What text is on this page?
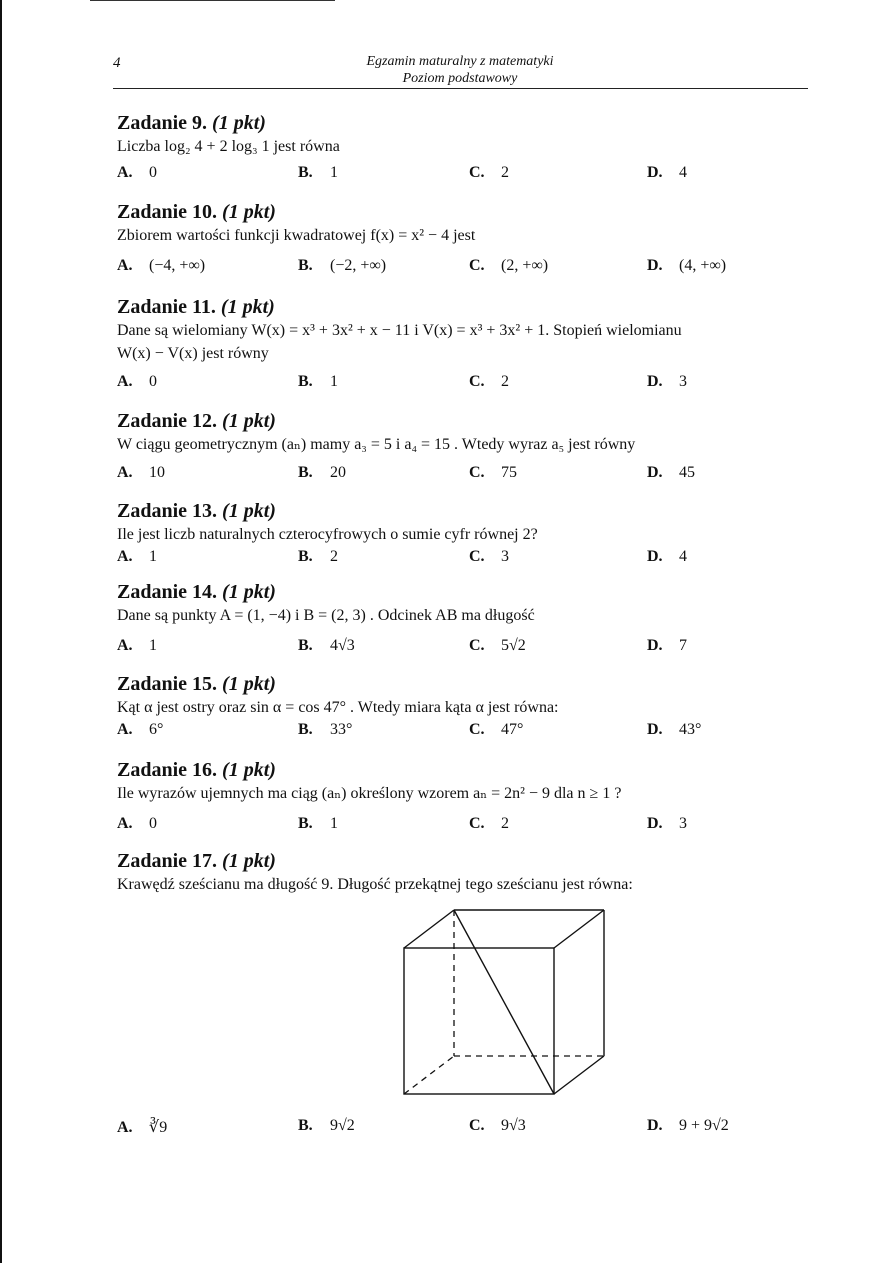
4	Egzamin maturalny z matematyki
Poziom podstawowy
Zadanie 9. (1 pkt)
Liczba log₂ 4 + 2 log₃ 1 jest równa
A. 0	B. 1	C. 2	D. 4
Zadanie 10. (1 pkt)
Zbiorem wartości funkcji kwadratowej f(x) = x² − 4 jest
A. (−4, +∞)	B. (−2, +∞)	C. (2, +∞)	D. (4, +∞)
Zadanie 11. (1 pkt)
Dane są wielomiany W(x) = x³ + 3x² + x − 11 i V(x) = x³ + 3x² + 1. Stopień wielomianu
W(x) − V(x) jest równy
A. 0	B. 1	C. 2	D. 3
Zadanie 12. (1 pkt)
W ciągu geometrycznym (aₙ) mamy a₃ = 5 i a₄ = 15 . Wtedy wyraz a₅ jest równy
A. 10	B. 20	C. 75	D. 45
Zadanie 13. (1 pkt)
Ile jest liczb naturalnych czterocyfrowych o sumie cyfr równej 2?
A. 1	B. 2	C. 3	D. 4
Zadanie 14. (1 pkt)
Dane są punkty A = (1, −4) i B = (2, 3) . Odcinek AB ma długość
A. 1	B. 4√3	C. 5√2	D. 7
Zadanie 15. (1 pkt)
Kąt α jest ostry oraz sin α = cos 47° . Wtedy miara kąta α jest równa:
A. 6°	B. 33°	C. 47°	D. 43°
Zadanie 16. (1 pkt)
Ile wyrazów ujemnych ma ciąg (aₙ) określony wzorem aₙ = 2n² − 9 dla n ≥ 1 ?
A. 0	B. 1	C. 2	D. 3
Zadanie 17. (1 pkt)
Krawędź sześcianu ma długość 9. Długość przekątnej tego sześcianu jest równa:
A. ∛9	B. 9√2	C. 9√3	D. 9 + 9√2
